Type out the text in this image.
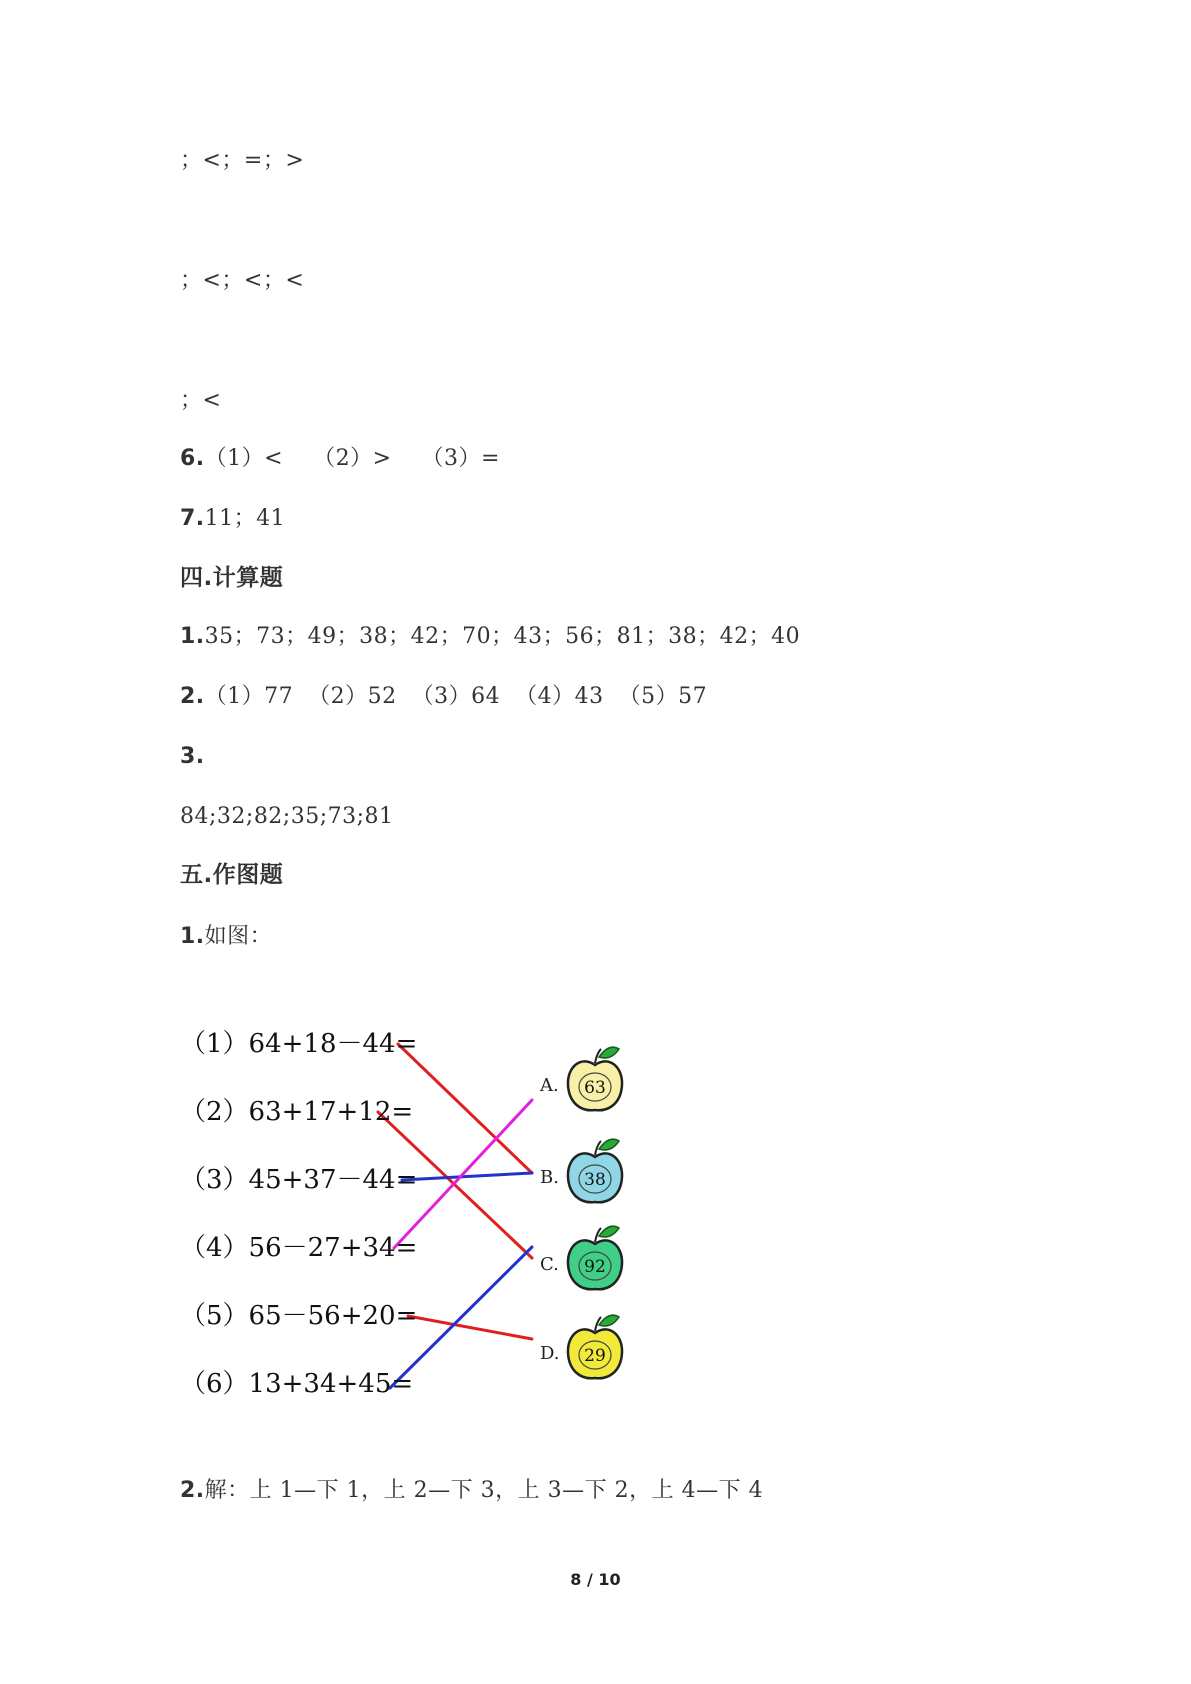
；<；=；>
；<；<；<
；<
6.（1）<    （2）>    （3）=
7.11；41
四.计算题
1.35；73；49；38；42；70；43；56；81；38；42；40
2.（1）77  （2）52  （3）64  （4）43  （5）57
3.
84;32;82;35;73;81
五.作图题
1.如图：
（1）64+18－44=
（2）63+17+12=
（3）45+37－44=
（4）56－27+34=
（5）65－56+20=
（6）13+34+45=
A. 63
B. 38
C. 92
D. 29
2.解：上 1—下 1，上 2—下 3，上 3—下 2，上 4—下 4
8 / 10
